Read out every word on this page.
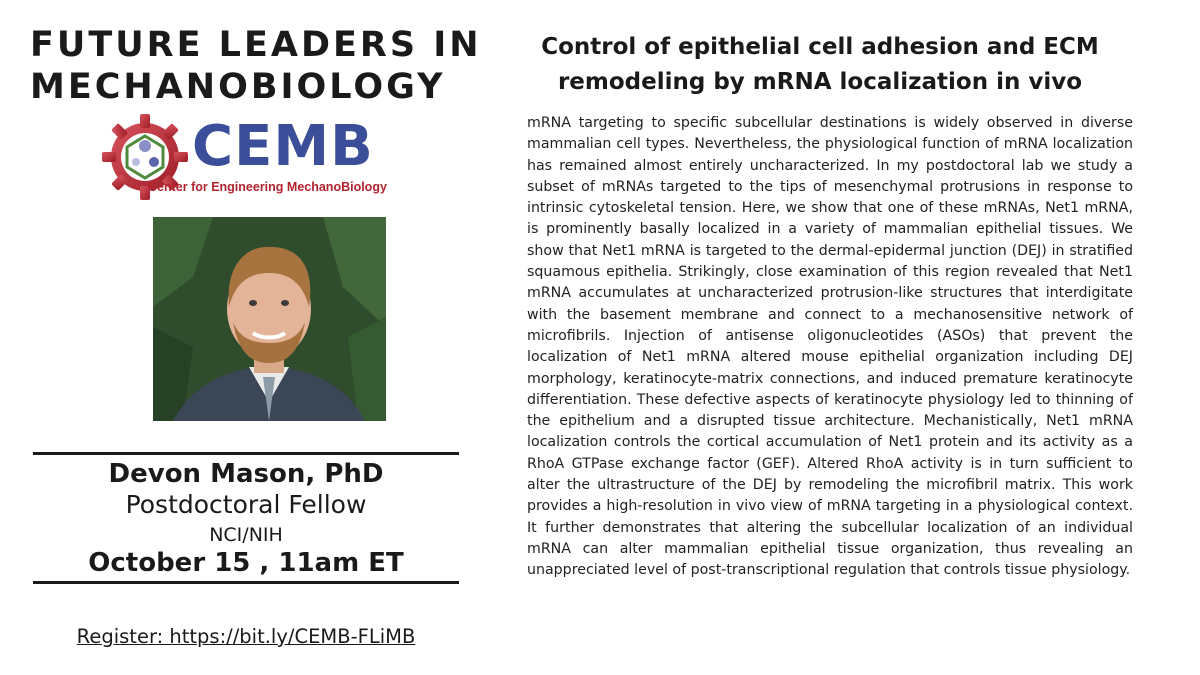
FUTURE LEADERS IN
MECHANOBIOLOGY
CEMB
Center for Engineering MechanoBiology
Devon Mason, PhD
Postdoctoral Fellow
NCI/NIH
October 15 , 11am ET
Register: https://bit.ly/CEMB-FLiMB
Control of epithelial cell adhesion and ECM remodeling by mRNA localization in vivo

mRNA targeting to specific subcellular destinations is widely observed in diverse mammalian cell types. Nevertheless, the physiological function of mRNA localization has remained almost entirely uncharacterized. In my postdoctoral lab we study a subset of mRNAs targeted to the tips of mesenchymal protrusions in response to intrinsic cytoskeletal tension. Here, we show that one of these mRNAs, Net1 mRNA, is prominently basally localized in a variety of mammalian epithelial tissues. We show that Net1 mRNA is targeted to the dermal-epidermal junction (DEJ) in stratified squamous epithelia. Strikingly, close examination of this region revealed that Net1 mRNA accumulates at uncharacterized protrusion-like structures that interdigitate with the basement membrane and connect to a mechanosensitive network of microfibrils. Injection of antisense oligonucleotides (ASOs) that prevent the localization of Net1 mRNA altered mouse epithelial organization including DEJ morphology, keratinocyte-matrix connections, and induced premature keratinocyte differentiation. These defective aspects of keratinocyte physiology led to thinning of the epithelium and a disrupted tissue architecture. Mechanistically, Net1 mRNA localization controls the cortical accumulation of Net1 protein and its activity as a RhoA GTPase exchange factor (GEF). Altered RhoA activity is in turn sufficient to alter the ultrastructure of the DEJ by remodeling the microfibril matrix. This work provides a high-resolution in vivo view of mRNA targeting in a physiological context. It further demonstrates that altering the subcellular localization of an individual mRNA can alter mammalian epithelial tissue organization, thus revealing an unappreciated level of post-transcriptional regulation that controls tissue physiology.
